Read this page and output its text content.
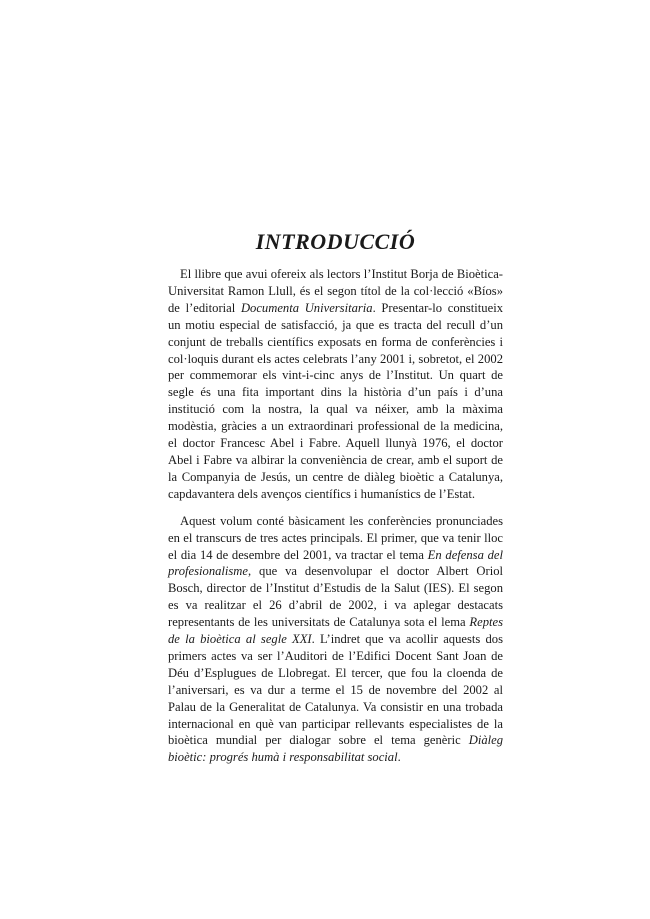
INTRODUCCIÓ

El llibre que avui ofereix als lectors l’Institut Borja de Bioètica-Universitat Ramon Llull, és el segon títol de la col·lecció «Bíos» de l’editorial Documenta Universitaria. Presentar-lo constitueix un motiu especial de satisfacció, ja que es tracta del recull d’un conjunt de treballs científics exposats en forma de conferències i col·loquis durant els actes celebrats l’any 2001 i, sobretot, el 2002 per commemorar els vint-i-cinc anys de l’Institut. Un quart de segle és una fita important dins la història d’un país i d’una institució com la nostra, la qual va néixer, amb la màxima modèstia, gràcies a un extraordinari professional de la medicina, el doctor Francesc Abel i Fabre. Aquell llunyà 1976, el doctor Abel i Fabre va albirar la conveniència de crear, amb el suport de la Companyia de Jesús, un centre de diàleg bioètic a Catalunya, capdavantera dels avenços científics i humanístics de l’Estat.

Aquest volum conté bàsicament les conferències pronunciades en el transcurs de tres actes principals. El primer, que va tenir lloc el dia 14 de desembre del 2001, va tractar el tema En defensa del profesionalisme, que va desenvolupar el doctor Albert Oriol Bosch, director de l’Institut d’Estudis de la Salut (IES). El segon es va realitzar el 26 d’abril de 2002, i va aplegar destacats representants de les universitats de Catalunya sota el lema Reptes de la bioètica al segle XXI. L’indret que va acollir aquests dos primers actes va ser l’Auditori de l’Edifici Docent Sant Joan de Déu d’Esplugues de Llobregat. El tercer, que fou la cloenda de l’aniversari, es va dur a terme el 15 de novembre del 2002 al Palau de la Generalitat de Catalunya. Va consistir en una trobada internacional en què van participar rellevants especialistes de la bioètica mundial per dialogar sobre el tema genèric Diàleg bioètic: progrés humà i responsabilitat social.
